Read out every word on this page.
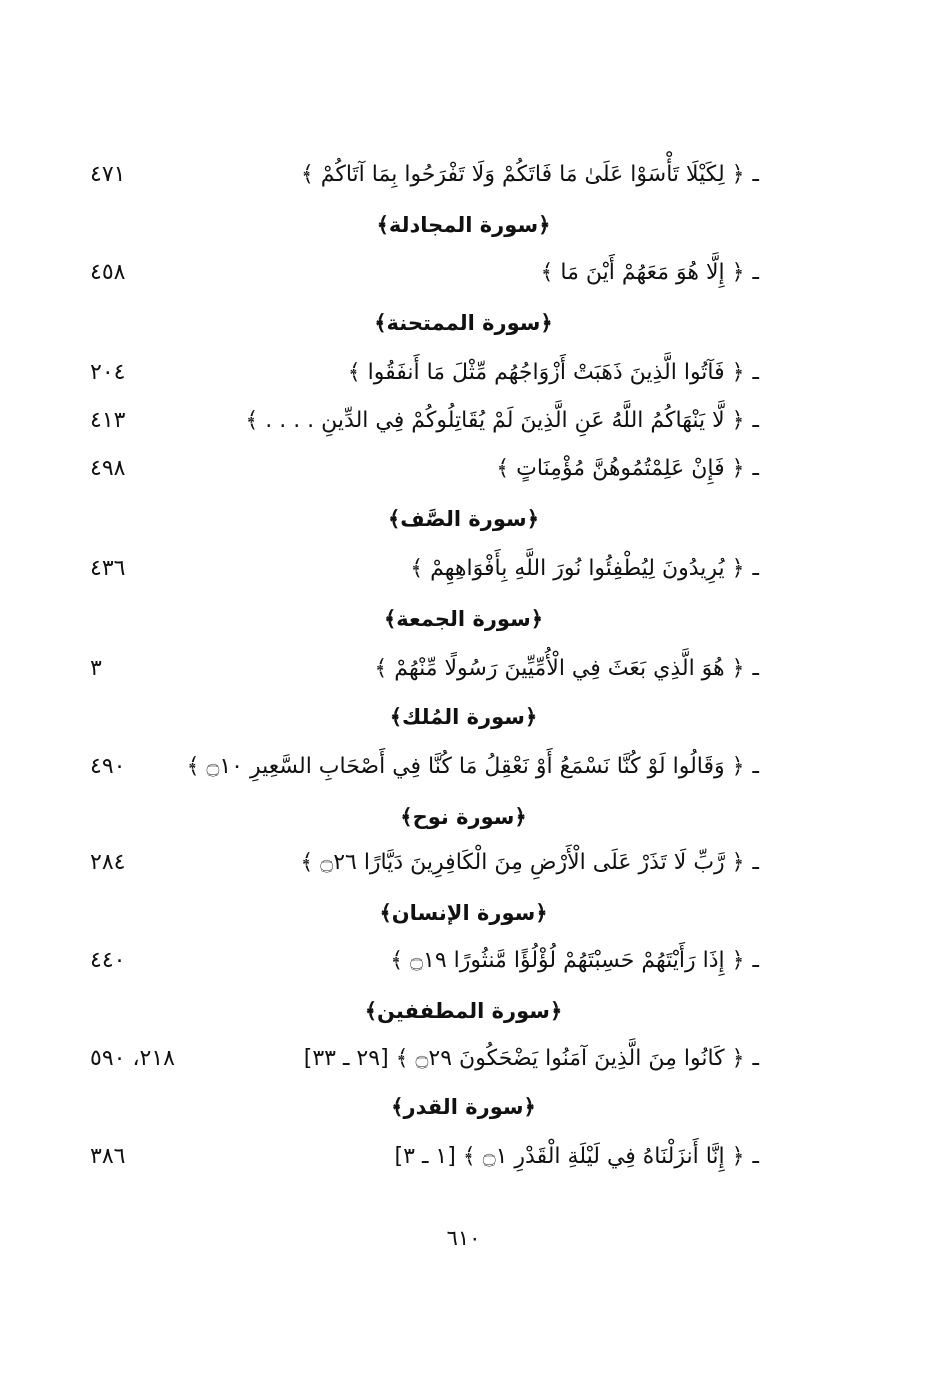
ـ﴿ لِكَيْلَا تَأْسَوْا عَلَىٰ مَا فَاتَكُمْ وَلَا تَفْرَحُوا بِمَا آتَاكُمْ ﴾
٤٧١
﴿سورة المجادلة﴾
ـ﴿ إِلَّا هُوَ مَعَهُمْ أَيْنَ مَا ﴾
٤٥٨
﴿سورة الممتحنة﴾
ـ﴿ فَآتُوا الَّذِينَ ذَهَبَتْ أَزْوَاجُهُم مِّثْلَ مَا أَنفَقُوا ﴾
٢٠٤
ـ﴿ لَّا يَنْهَاكُمُ اللَّهُ عَنِ الَّذِينَ لَمْ يُقَاتِلُوكُمْ فِي الدِّينِ . . . . ﴾
٤١٣
ـ﴿ فَإِنْ عَلِمْتُمُوهُنَّ مُؤْمِنَاتٍ ﴾
٤٩٨
﴿سورة الصَّف﴾
ـ﴿ يُرِيدُونَ لِيُطْفِئُوا نُورَ اللَّهِ بِأَفْوَاهِهِمْ ﴾
٤٣٦
﴿سورة الجمعة﴾
ـ﴿ هُوَ الَّذِي بَعَثَ فِي الْأُمِّيِّينَ رَسُولًا مِّنْهُمْ ﴾
٣
﴿سورة المُلك﴾
ـ﴿ وَقَالُوا لَوْ كُنَّا نَسْمَعُ أَوْ نَعْقِلُ مَا كُنَّا فِي أَصْحَابِ السَّعِيرِ ۝١٠ ﴾
٤٩٠
﴿سورة نوح﴾
ـ﴿ رَّبِّ لَا تَذَرْ عَلَى الْأَرْضِ مِنَ الْكَافِرِينَ دَيَّارًا ۝٢٦ ﴾
٢٨٤
﴿سورة الإنسان﴾
ـ﴿ إِذَا رَأَيْتَهُمْ حَسِبْتَهُمْ لُؤْلُؤًا مَّنثُورًا ۝١٩ ﴾
٤٤٠
﴿سورة المطففين﴾
ـ﴿ كَانُوا مِنَ الَّذِينَ آمَنُوا يَضْحَكُونَ ۝٢٩ ﴾ [٢٩ ـ ٣٣]
٢١٨، ٥٩٠
﴿سورة القدر﴾
ـ﴿ إِنَّا أَنزَلْنَاهُ فِي لَيْلَةِ الْقَدْرِ ۝١ ﴾ [١ ـ ٣]
٣٨٦
٦١٠
